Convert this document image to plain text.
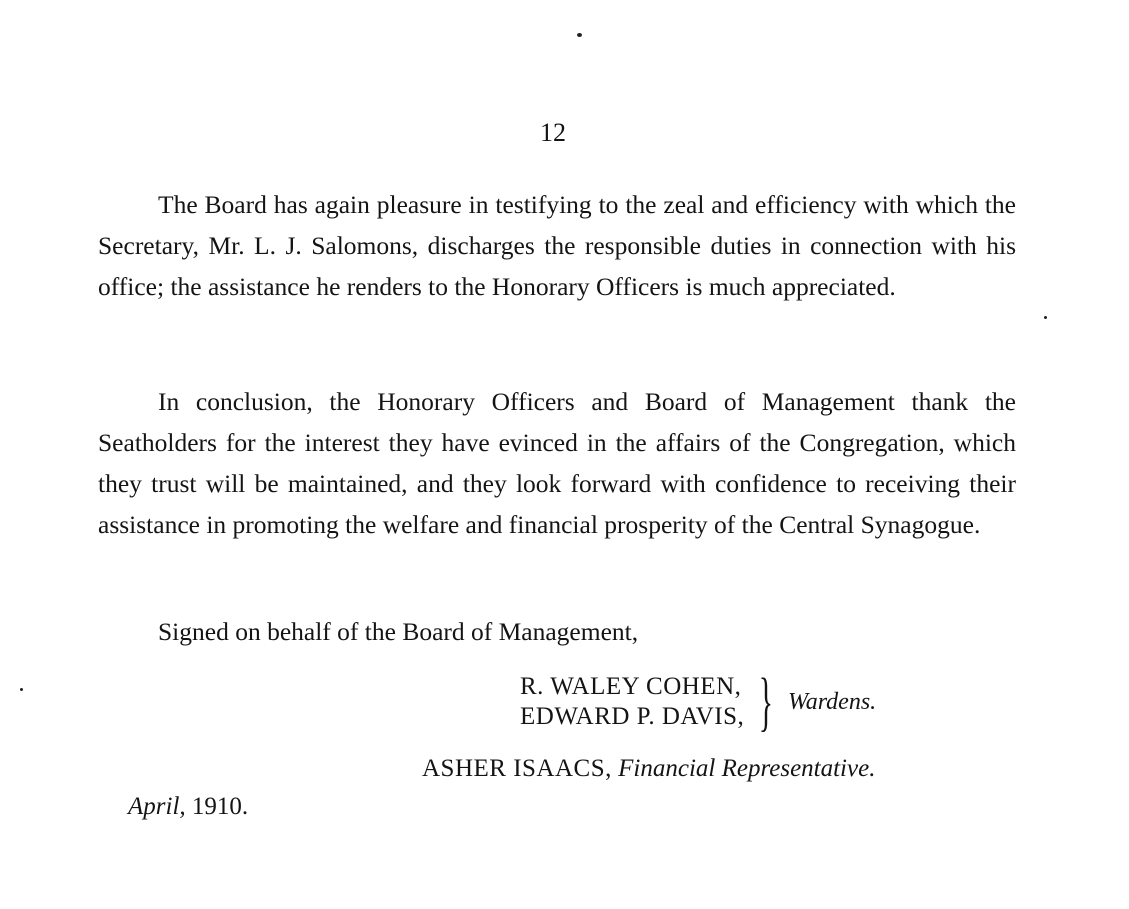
12

The Board has again pleasure in testifying to the zeal and efficiency with which the Secretary, Mr. L. J. Salomons, discharges the responsible duties in connection with his office; the assistance he renders to the Honorary Officers is much appreciated.

In conclusion, the Honorary Officers and Board of Management thank the Seatholders for the interest they have evinced in the affairs of the Congregation, which they trust will be maintained, and they look forward with confidence to receiving their assistance in promoting the welfare and financial prosperity of the Central Synagogue.

Signed on behalf of the Board of Management,
R. WALEY COHEN,
EDWARD P. DAVIS, } Wardens.
ASHER ISAACS, Financial Representative.
April, 1910.
